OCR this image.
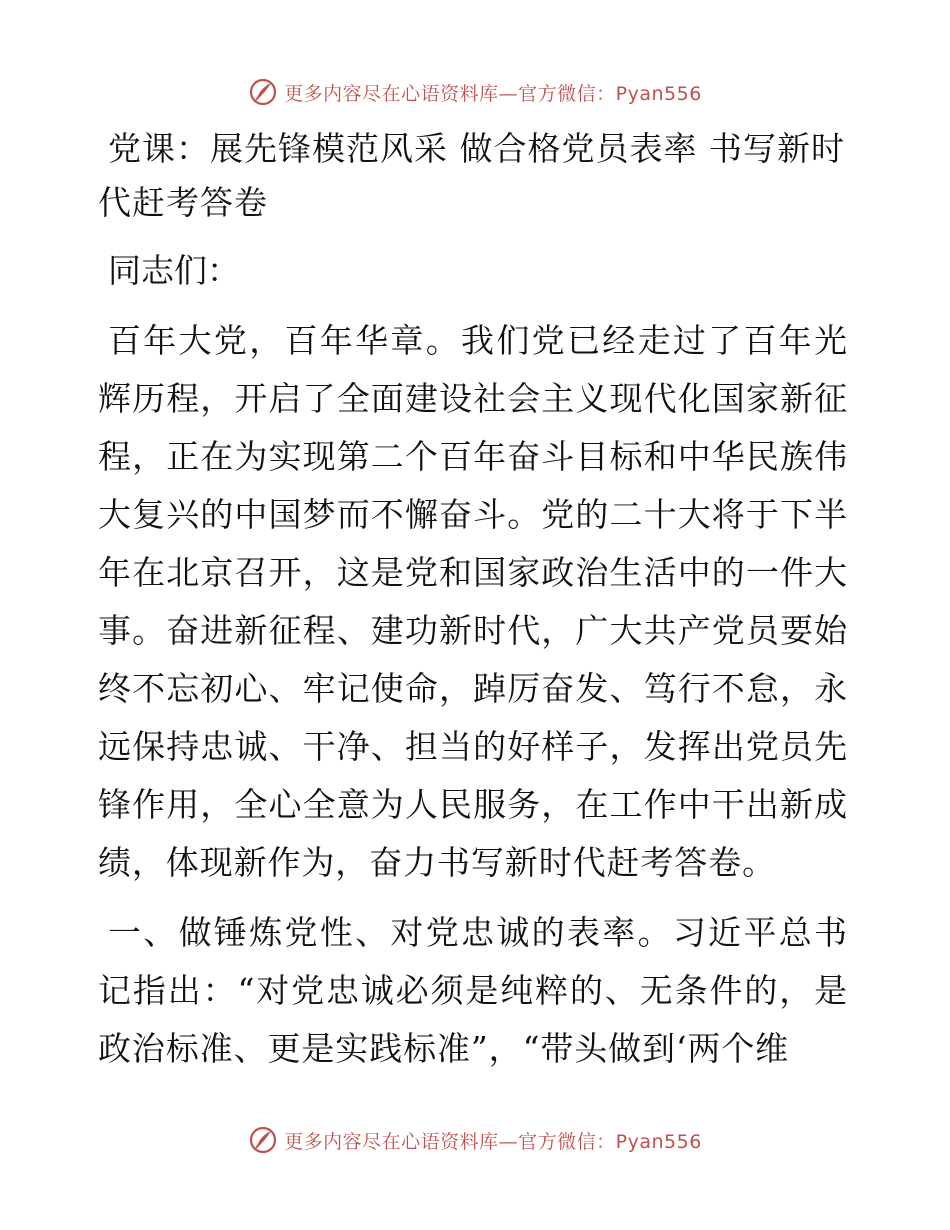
更多内容尽在心语资料库—官方微信：Pyan556
党课：展先锋模范风采 做合格党员表率 书写新时代赶考答卷

同志们：

百年大党，百年华章。我们党已经走过了百年光辉历程，开启了全面建设社会主义现代化国家新征程，正在为实现第二个百年奋斗目标和中华民族伟大复兴的中国梦而不懈奋斗。党的二十大将于下半年在北京召开，这是党和国家政治生活中的一件大事。奋进新征程、建功新时代，广大共产党员要始终不忘初心、牢记使命，踔厉奋发、笃行不怠，永远保持忠诚、干净、担当的好样子，发挥出党员先锋作用，全心全意为人民服务，在工作中干出新成绩，体现新作为，奋力书写新时代赶考答卷。

一、做锤炼党性、对党忠诚的表率。习近平总书记指出：“对党忠诚必须是纯粹的、无条件的，是政治标准、更是实践标准”，“带头做到‘两个维

更多内容尽在心语资料库—官方微信：Pyan556
